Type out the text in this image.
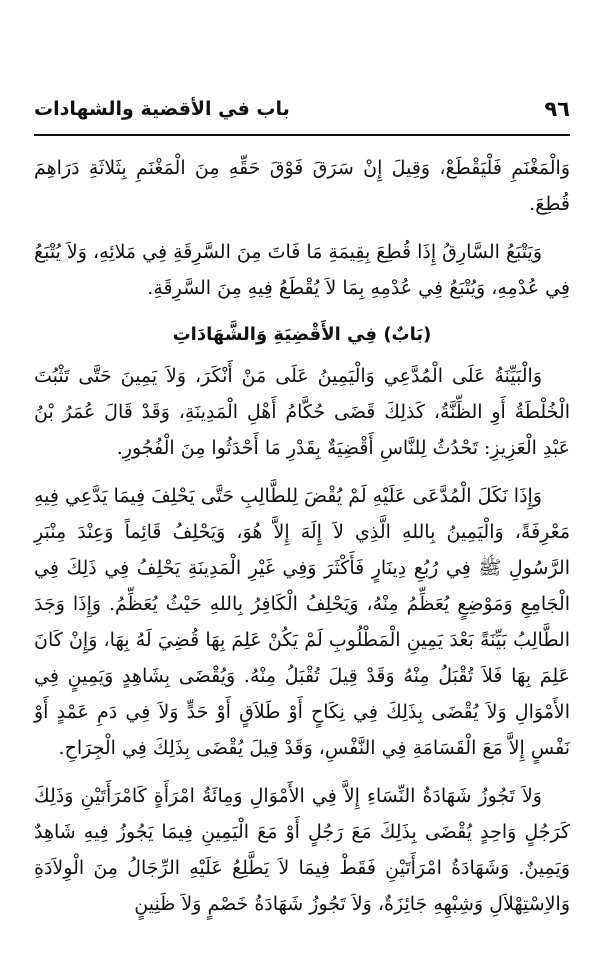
٩٦
باب في الأقضية والشهادات

وَالْمَغْنَمِ فَلْيَقْطَعْ، وَقِيلَ إِنْ سَرَقَ فَوْقَ حَقِّهِ مِنَ الْمَغْنَمِ بِثَلاثَةِ دَرَاهِمَ قُطِعَ.

وَيَتْبَعُ السَّارِقُ إِذَا قُطِعَ بِقِيمَةِ مَا فَاتَ مِنَ السَّرِقَةِ فِي مَلائِهِ، وَلاَ يُتْبَعُ فِي عُدْمِهِ، وَيُتْبَعُ فِي عُدْمِهِ بِمَا لاَ يُقْطَعُ فِيهِ مِنَ السَّرِقَةِ.

(بَابٌ) فِي الأَقْضِيَةِ وَالشَّهَادَاتِ

وَالْبَيِّنَةُ عَلَى الْمُدَّعِي وَالْيَمِينُ عَلَى مَنْ أَنْكَرَ، وَلاَ يَمِينَ حَتَّى تَثْبُتَ الْخُلْطَةُ أَوِ الظِّنَّةُ، كَذلِكَ قَضَى حُكَّامُ أَهْلِ الْمَدِينَةِ، وَقَدْ قَالَ عُمَرُ بْنُ عَبْدِ الْعَزِيزِ: تَحْدُثُ لِلنَّاسِ أَقْضِيَةٌ بِقَدْرِ مَا أَحْدَثُوا مِنَ الْفُجُورِ.

وَإِذَا نَكَلَ الْمُدَّعَى عَلَيْهِ لَمْ يُقْضَ لِلطَّالِبِ حَتَّى يَحْلِفَ فِيمَا يَدَّعِي فِيهِ مَعْرِفَةً، وَالْيَمِينُ بِاللهِ الَّذِي لاَ إِلَهَ إِلاَّ هُوَ، وَيَحْلِفُ قَائِماً وَعِنْدَ مِنْبَرِ الرَّسُولِ ﷺ فِي رُبُعِ دِينَارٍ فَأَكْثَرَ وَفِي غَيْرِ الْمَدِينَةِ يَحْلِفُ فِي ذَلِكَ فِي الْجَامِعِ وَمَوْضِعٍ يُعَظِّمُ مِنْهُ، وَيَحْلِفُ الْكَافِرُ بِاللهِ حَيْثُ يُعَظِّمُ. وَإِذَا وَجَدَ الطَّالِبُ بَيِّنَةً بَعْدَ يَمِينِ الْمَطْلُوبِ لَمْ يَكُنْ عَلِمَ بِهَا قُضِيَ لَهُ بِهَا، وَإِنْ كَانَ عَلِمَ بِهَا فَلاَ تُقْبَلُ مِنْهُ وَقَدْ قِيلَ تُقْبَلُ مِنْهُ. وَيُقْضَى بِشَاهِدٍ وَيَمِينٍ فِي الأَمْوَالِ وَلاَ يُقْضَى بِذَلِكَ فِي نِكَاحٍ أَوْ طَلاَقٍ أَوْ حَدٍّ وَلاَ فِي دَمِ عَمْدٍ أَوْ نَفْسٍ إِلاَّ مَعَ الْقَسَامَةِ فِي النَّفْسِ، وَقَدْ قِيلَ يُقْضَى بِذَلِكَ فِي الْجِرَاحِ.

وَلاَ تَجُوزُ شَهَادَةُ النِّسَاءِ إِلاَّ فِي الأَمْوَالِ وَمِائَةُ امْرَأَةٍ كَامْرَأَتَيْنِ وَذَلِكَ كَرَجُلٍ وَاحِدٍ يُقْضَى بِذَلِكَ مَعَ رَجُلٍ أَوْ مَعَ الْيَمِينِ فِيمَا يَجُوزُ فِيهِ شَاهِدٌ وَيَمِينٌ. وَشَهَادَةُ امْرَأَتَيْنِ فَقَطْ فِيمَا لاَ يَطَّلِعُ عَلَيْهِ الرِّجَالُ مِنَ الْوِلاَدَةِ وَالاِسْتِهْلاَلِ وَشِبْهِهِ جَائِزَةٌ، وَلاَ تَجُوزُ شَهَادَةُ خَصْمٍ وَلاَ ظَنِينٍ
